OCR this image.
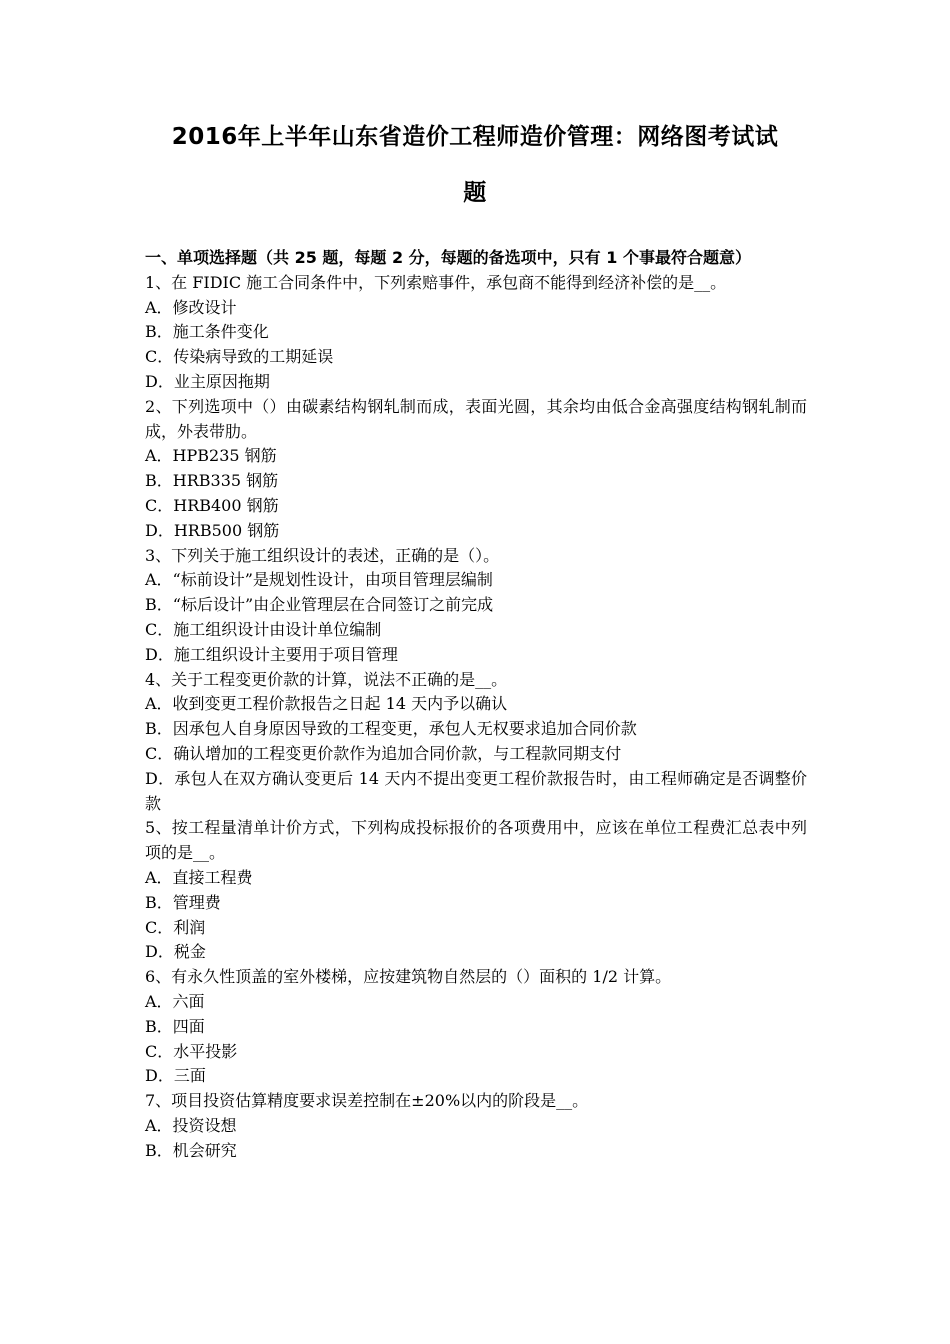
2016年上半年山东省造价工程师造价管理：网络图考试试
题
一、单项选择题（共 25 题，每题 2 分，每题的备选项中，只有 1 个事最符合题意）
1、在 FIDIC 施工合同条件中，下列索赔事件，承包商不能得到经济补偿的是__。
A．修改设计
B．施工条件变化
C．传染病导致的工期延误
D．业主原因拖期
2、下列选项中（）由碳素结构钢轧制而成，表面光圆，其余均由低合金高强度结构钢轧制而成，外表带肋。
A．HPB235 钢筋
B．HRB335 钢筋
C．HRB400 钢筋
D．HRB500 钢筋
3、下列关于施工组织设计的表述，正确的是（）。
A．“标前设计”是规划性设计，由项目管理层编制
B．“标后设计”由企业管理层在合同签订之前完成
C．施工组织设计由设计单位编制
D．施工组织设计主要用于项目管理
4、关于工程变更价款的计算，说法不正确的是__。
A．收到变更工程价款报告之日起 14 天内予以确认
B．因承包人自身原因导致的工程变更，承包人无权要求追加合同价款
C．确认增加的工程变更价款作为追加合同价款，与工程款同期支付
D．承包人在双方确认变更后 14 天内不提出变更工程价款报告时，由工程师确定是否调整价款
5、按工程量清单计价方式，下列构成投标报价的各项费用中，应该在单位工程费汇总表中列项的是__。
A．直接工程费
B．管理费
C．利润
D．税金
6、有永久性顶盖的室外楼梯，应按建筑物自然层的（）面积的 1/2 计算。
A．六面
B．四面
C．水平投影
D．三面
7、项目投资估算精度要求误差控制在±20%以内的阶段是__。
A．投资设想
B．机会研究
